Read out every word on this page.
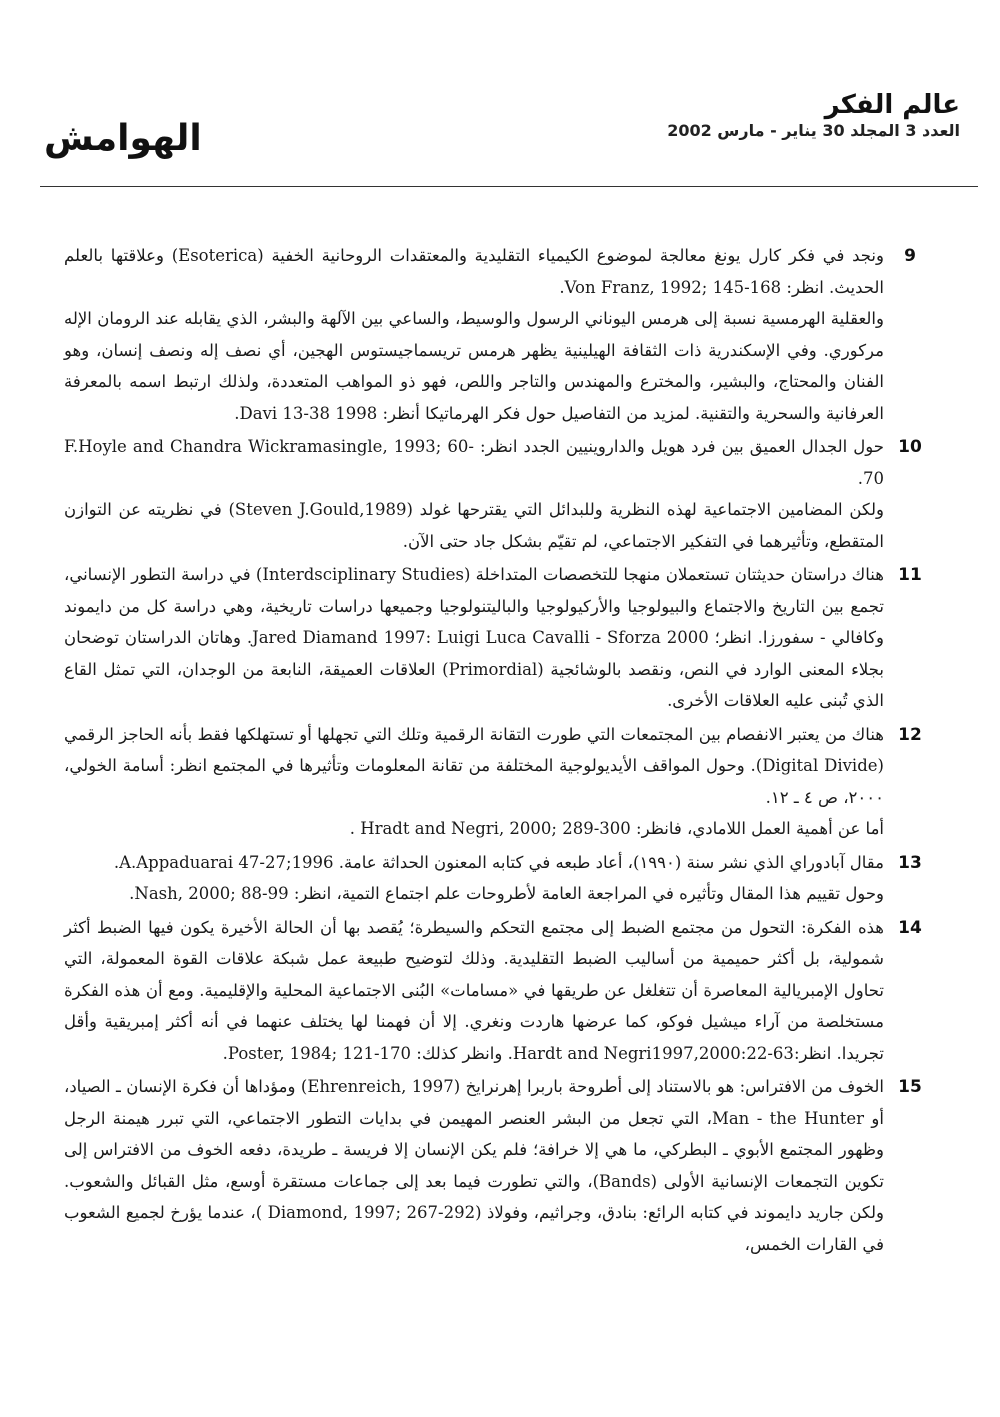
الهوامش
عالم الفكر
العدد 3 المجلد 30 يناير - مارس 2002
9

ونجد في فكر كارل يونغ معالجة لموضوع الكيمياء التقليدية والمعتقدات الروحانية الخفية (Esoterica) وعلاقتها بالعلم الحديث. انظر: Von Franz, 1992; 145-168.

والعقلية الهرمسية نسبة إلى هرمس اليوناني الرسول والوسيط، والساعي بين الآلهة والبشر، الذي يقابله عند الرومان الإله مركوري. وفي الإسكندرية ذات الثقافة الهيلينية يظهر هرمس تريسماجيستوس الهجين، أي نصف إله ونصف إنسان، وهو الفنان والمحتاج، والبشير، والمخترع والمهندس والتاجر واللص، فهو ذو المواهب المتعددة، ولذلك ارتبط اسمه بالمعرفة العرفانية والسحرية والتقنية. لمزيد من التفاصيل حول فكر الهرماتيكا أنظر: Davi 13-38 1998.

10

حول الجدال العميق بين فرد هويل والداروينيين الجدد انظر: F.Hoyle and Chandra Wickramasingle, 1993; 60-70.

ولكن المضامين الاجتماعية لهذه النظرية وللبدائل التي يقترحها غولد (Steven J.Gould,1989) في نظريته عن التوازن المتقطع، وتأثيرهما في التفكير الاجتماعي، لم تقيّم بشكل جاد حتى الآن.

11

هناك دراستان حديثتان تستعملان منهجا للتخصصات المتداخلة (Interdsciplinary Studies) في دراسة التطور الإنساني، تجمع بين التاريخ والاجتماع والبيولوجيا والأركيولوجيا والباليتنولوجيا وجميعها دراسات تاريخية، وهي دراسة كل من دايموند وكافالي - سفورزا. انظر؛ Jared Diamand 1997: Luigi Luca Cavalli - Sforza 2000. وهاتان الدراستان توضحان بجلاء المعنى الوارد في النص، ونقصد بالوشائجية (Primordial) العلاقات العميقة، النابعة من الوجدان، التي تمثل القاع الذي تُبنى عليه العلاقات الأخرى.

12

هناك من يعتبر الانفصام بين المجتمعات التي طورت التقانة الرقمية وتلك التي تجهلها أو تستهلكها فقط بأنه الحاجز الرقمي (Digital Divide). وحول المواقف الأيديولوجية المختلفة من تقانة المعلومات وتأثيرها في المجتمع انظر: أسامة الخولي، ٢٠٠٠، ص ٤ ـ ١٢.

أما عن أهمية العمل اللامادي، فانظر: Hradt and Negri, 2000; 289-300 .

13

مقال آبادوراي الذي نشر سنة (١٩٩٠)، أعاد طبعه في كتابه المعنون الحداثة عامة. 1996;27-47 A.Appaduarai.

وحول تقييم هذا المقال وتأثيره في المراجعة العامة لأطروحات علم اجتماع التمية، انظر: Nash, 2000; 88-99.

14

هذه الفكرة: التحول من مجتمع الضبط إلى مجتمع التحكم والسيطرة؛ يُقصد بها أن الحالة الأخيرة يكون فيها الضبط أكثر شمولية، بل أكثر حميمية من أساليب الضبط التقليدية. وذلك لتوضيح طبيعة عمل شبكة علاقات القوة المعمولة، التي تحاول الإمبريالية المعاصرة أن تتغلغل عن طريقها في «مسامات» البُنى الاجتماعية المحلية والإقليمية. ومع أن هذه الفكرة مستخلصة من آراء ميشيل فوكو، كما عرضها هاردت ونغري. إلا أن فهمنا لها يختلف عنهما في أنه أكثر إمبريقية وأقل تجريدا. انظر:Hardt and Negri1997,2000:22-63. وانظر كذلك: Poster, 1984; 121-170.

15

الخوف من الافتراس: هو بالاستناد إلى أطروحة باربرا إهرنرايخ (Ehrenreich, 1997) ومؤداها أن فكرة الإنسان ـ الصياد، أو Man - the Hunter، التي تجعل من البشر العنصر المهيمن في بدايات التطور الاجتماعي، التي تبرر هيمنة الرجل وظهور المجتمع الأبوي ـ البطركي، ما هي إلا خرافة؛ فلم يكن الإنسان إلا فريسة ـ طريدة، دفعه الخوف من الافتراس إلى تكوين التجمعات الإنسانية الأولى (Bands)، والتي تطورت فيما بعد إلى جماعات مستقرة أوسع، مثل القبائل والشعوب. ولكن جاريد دايموند في كتابه الرائع: بنادق، وجراثيم، وفولاذ (Diamond, 1997; 267-292 )، عندما يؤرخ لجميع الشعوب في القارات الخمس،
